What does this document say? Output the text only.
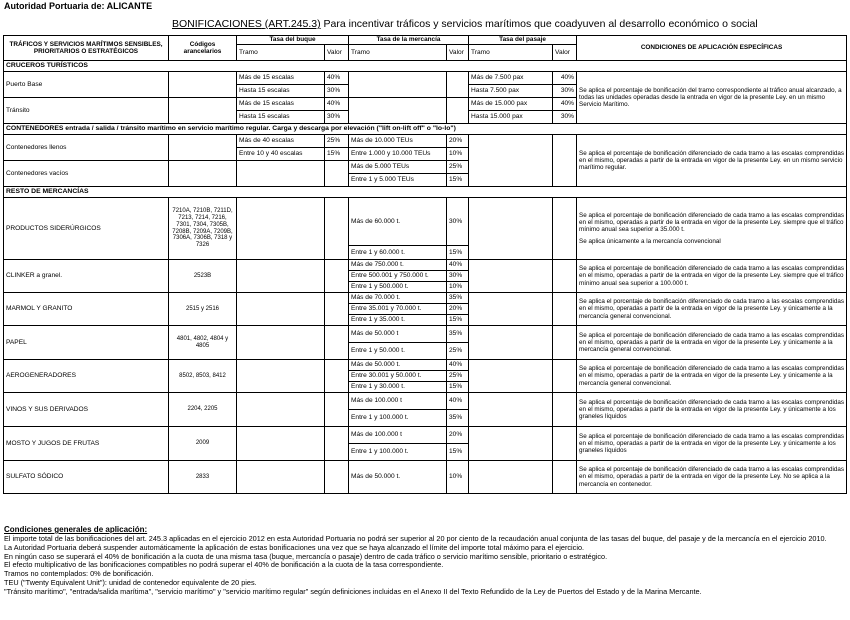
Autoridad Portuaria de: ALICANTE
BONIFICACIONES (ART.245.3) Para incentivar tráficos y servicios marítimos que coadyuven al desarrollo económico o social
TRÁFICOS Y SERVICIOS MARÍTIMOS SENSIBLES, PRIORITARIOS O ESTRATÉGICOS	Códigos arancelarios	Tasa del buque		Tasa de la mercancía		Tasa del pasaje		CONDICIONES DE APLICACIÓN ESPECÍFICAS
		Tramo	Valor	Tramo	Valor	Tramo	Valor	
CRUCEROS TURÍSTICOS								
Puerto Base		Más de 15 escalas	40%			Más de 7.500 pax	40%	Se aplica el porcentaje de bonificación del tramo correspondiente al tráfico anual alcanzado, a todas las unidades operadas desde la entrada en vigor de la presente Ley. en un mismo Servicio Marítimo.
		Hasta 15 escalas	30%			Hasta 7.500 pax	30%	
Tránsito		Más de 15 escalas	40%			Más de 15.000 pax	40%	
		Hasta 15 escalas	30%			Hasta 15.000 pax	30%	
CONTENEDORES entrada / salida / tránsito marítimo en servicio marítimo regular. Carga y descarga por elevación ("lift on-lift off" o "lo-lo")								
Contenedores llenos		Más de 40 escalas	25%	Más de 10.000 TEUs	20%			Se aplica el porcentaje de bonificación diferenciado de cada tramo a las escalas comprendidas en el mismo, operadas a partir de la entrada en vigor de la presente Ley. en un mismo servicio marítimo regular.
		Entre 10 y 40 escalas	15%	Entre 1.000 y 10.000 TEUs	10%			
Contenedores vacíos				Más de 5.000 TEUs	25%			
				Entre 1 y 5.000 TEUs	15%			
RESTO DE MERCANCÍAS								
PRODUCTOS SIDERÚRGICOS	7210A, 7210B, 7211D, 7213, 7214, 7216, 7301, 7304, 7305B, 7208B, 7209A, 7209B, 7306A, 7306B, 7318 y 7326			Más de 60.000 t.	30%			Se aplica el porcentaje de bonificación diferenciado de cada tramo a las escalas comprendidas en el mismo, operadas a partir de la entrada en vigor de la presente Ley. siempre que el tráfico mínimo anual sea superior a 35.000 t.
Se aplica únicamente a la mercancía convencional

				Entre 1 y 60.000 t.	15%			
CLINKER a granel.	2523B			Más de 750.000 t.	40%			Se aplica el porcentaje de bonificación diferenciado de cada tramo a las escalas comprendidas en el mismo, operadas a partir de la entrada en vigor de la presente Ley. siempre que el tráfico mínimo anual sea superior a 100.000 t.
				Entre 500.001 y 750.000 t.	30%			
				Entre 1 y 500.000 t.	10%			
MARMOL Y GRANITO	2515 y 2516			Más de 70.000 t.	35%			Se aplica el porcentaje de bonificación diferenciado de cada tramo a las escalas comprendidas en el mismo, operadas a partir de la entrada en vigor de la presente Ley. y únicamente a la mercancía general convencional.
				Entre 35.001 y 70.000 t.	20%			
				Entre 1 y 35.000 t.	15%			
PAPEL	4801, 4802, 4804 y 4805			Más de 50.000 t	35%			Se aplica el porcentaje de bonificación diferenciado de cada tramo a las escalas comprendidas en el mismo, operadas a partir de la entrada en vigor de la presente Ley. y únicamente a la mercancía general convencional.
				Entre 1 y 50.000 t.	25%			
AEROGENERADORES	8502, 8503, 8412			Más de 50.000 t.	40%			Se aplica el porcentaje de bonificación diferenciado de cada tramo a las escalas comprendidas en el mismo, operadas a partir de la entrada en vigor de la presente Ley. y únicamente a la mercancía general convencional.
				Entre 30.001 y 50.000 t.	25%			
				Entre 1 y 30.000 t.	15%			
VINOS Y SUS DERIVADOS	2204, 2205			Más de 100.000 t	40%			Se aplica el porcentaje de bonificación diferenciado de cada tramo a las escalas comprendidas en el mismo, operadas a partir de la entrada en vigor de la presente Ley. y únicamente a los graneles líquidos
				Entre 1 y 100.000 t.	35%			
MOSTO Y JUGOS DE FRUTAS	2009			Más de 100.000 t	20%			Se aplica el porcentaje de bonificación diferenciado de cada tramo a las escalas comprendidas en el mismo, operadas a partir de la entrada en vigor de la presente Ley. y únicamente a los graneles líquidos
				Entre 1 y 100.000 t.	15%			
SULFATO SÓDICO	2833			Más de 50.000 t.	10%			Se aplica el porcentaje de bonificación diferenciado de cada tramo a las escalas comprendidas en el mismo, operadas a partir de la entrada en vigor de la presente Ley. No se aplica a la mercancía en contenedor.

Condiciones generales de aplicación:

El importe total de las bonificaciones del art. 245.3 aplicadas en el ejercicio 2012 en esta Autoridad Portuaria no podrá ser superior al 20 por ciento de la recaudación anual conjunta de las tasas del buque, del pasaje y de la mercancía en el ejercicio 2010.

La Autoridad Portuaria deberá suspender automáticamente la aplicación de estas bonificaciones una vez que se haya alcanzado el límite del importe total máximo para el ejercicio.

En ningún caso se superará el 40% de bonificación a la cuota de una misma tasa (buque, mercancía o pasaje) dentro de cada tráfico o servicio marítimo sensible, prioritario o estratégico.

El efecto multiplicativo de las bonificaciones compatibles no podrá superar el 40% de bonificación a la cuota de la tasa correspondiente.

Tramos no contemplados: 0% de bonificación.

TEU ("Twenty Equivalent Unit"): unidad de contenedor equivalente de 20 pies.

"Tránsito marítimo", "entrada/salida marítima", "servicio marítimo" y "servicio marítimo regular" según definiciones incluidas en el Anexo II del Texto Refundido de la Ley de Puertos del Estado y de la Marina Mercante.
